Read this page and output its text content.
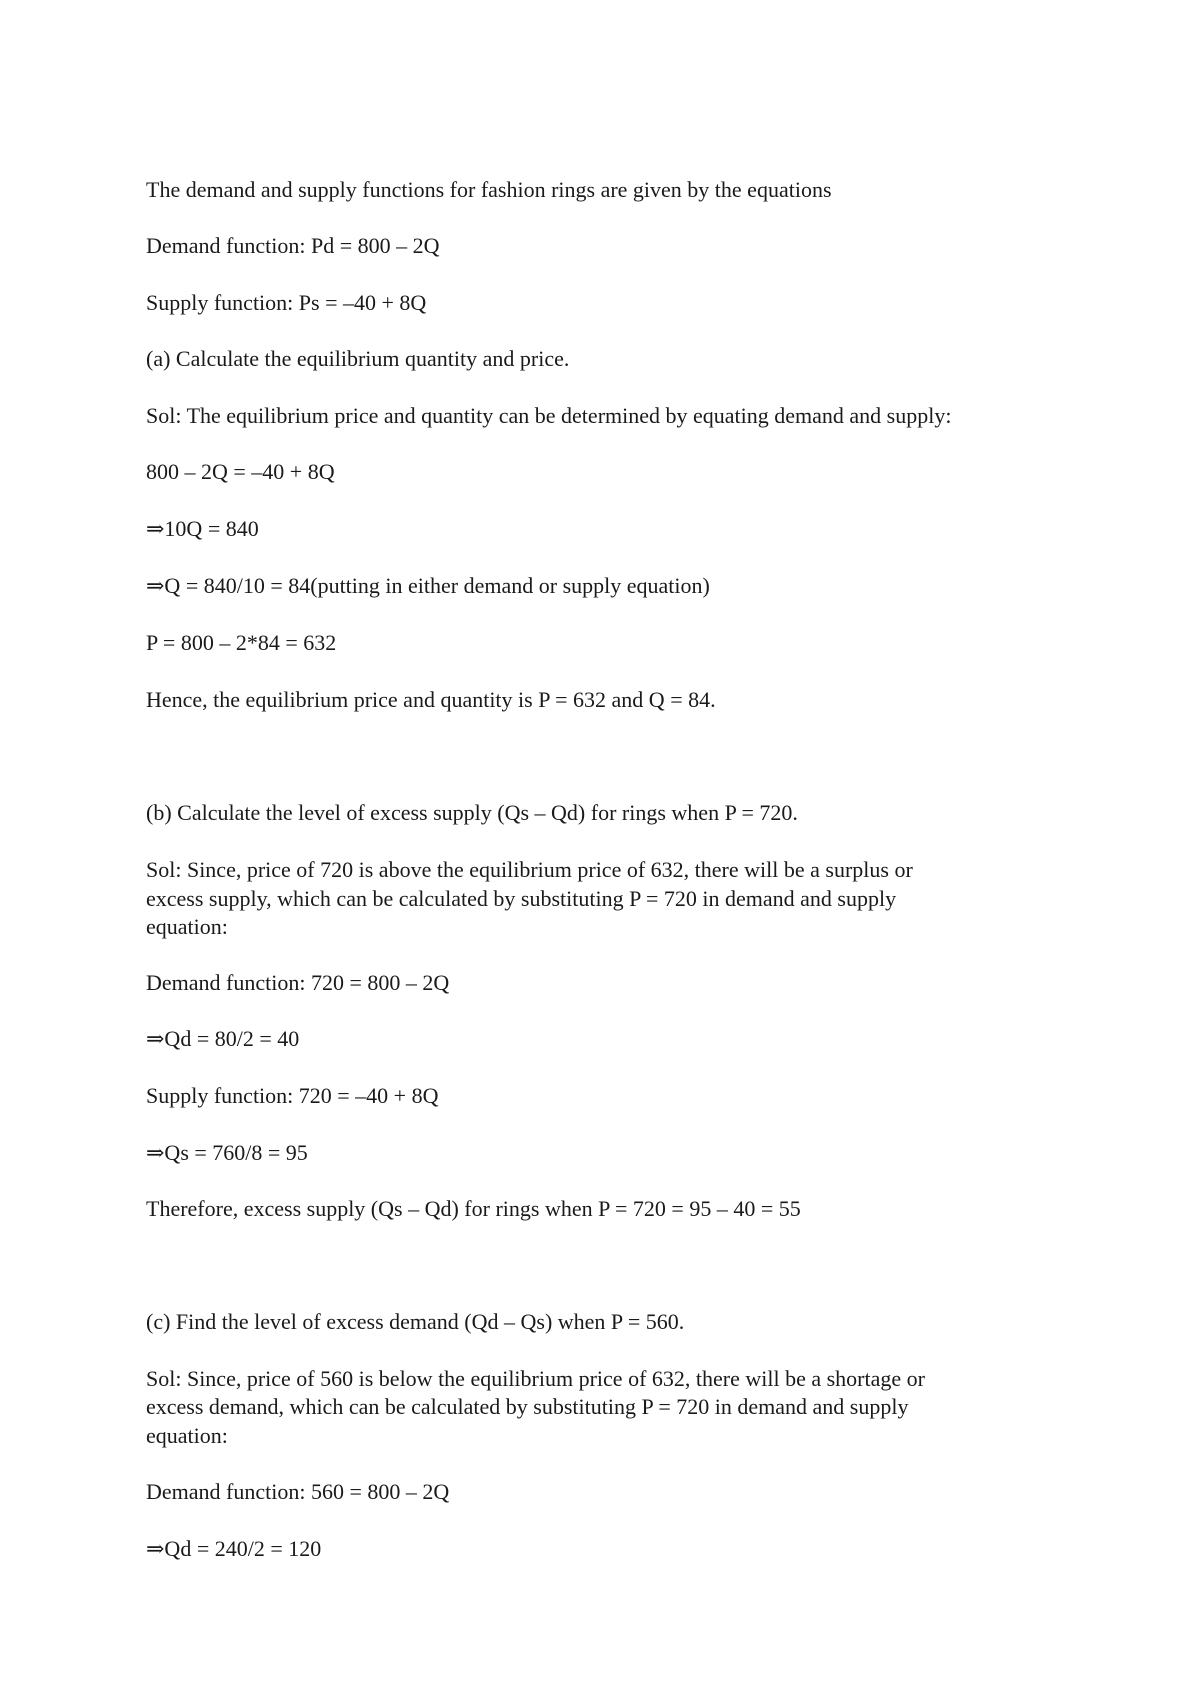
The demand and supply functions for fashion rings are given by the equations

Demand function: Pd = 800 – 2Q

Supply function: Ps = –40 + 8Q

(a) Calculate the equilibrium quantity and price.

Sol: The equilibrium price and quantity can be determined by equating demand and supply:

800 – 2Q = –40 + 8Q

⇒10Q = 840

⇒Q = 840/10 = 84(putting in either demand or supply equation)

P = 800 – 2*84 = 632

Hence, the equilibrium price and quantity is P = 632 and Q = 84.

(b) Calculate the level of excess supply (Qs – Qd) for rings when P = 720.

Sol: Since, price of 720 is above the equilibrium price of 632, there will be a surplus or

excess supply, which can be calculated by substituting P = 720 in demand and supply

equation:

Demand function: 720 = 800 – 2Q

⇒Qd = 80/2 = 40

Supply function: 720 = –40 + 8Q

⇒Qs = 760/8 = 95

Therefore, excess supply (Qs – Qd) for rings when P = 720 = 95 – 40 = 55

(c) Find the level of excess demand (Qd – Qs) when P = 560.

Sol: Since, price of 560 is below the equilibrium price of 632, there will be a shortage or

excess demand, which can be calculated by substituting P = 720 in demand and supply

equation:

Demand function: 560 = 800 – 2Q

⇒Qd = 240/2 = 120
